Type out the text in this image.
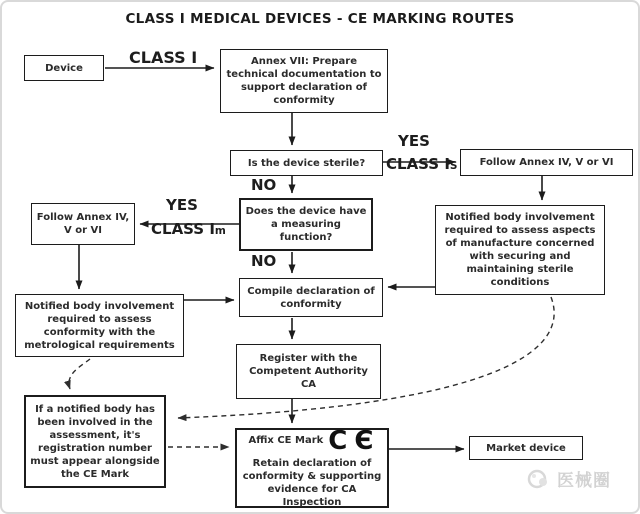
CLASS I MEDICAL DEVICES - CE MARKING ROUTES
Device
Annex VII: Prepare
technical documentation to support declaration of conformity
Is the device sterile?	Follow Annex IV, V or VI
Does the device have a measuring function?
Follow Annex IV, V or VI
Notified body involvement required to assess aspects of manufacture concerned with securing and maintaining sterile conditions
Notified body involvement required to assess conformity with the metrological requirements
Compile declaration of conformity
Register with the Competent Authority CA
If a notified body has been involved in the assessment, it's registration number must appear alongside the CE Mark
Affix CE Mark C Є
Retain declaration of conformity & supporting evidence for CA Inspection
Market device
CLASS I
YES
CLASS IS
NO
YES
CLASS Im
NO
医械圈
